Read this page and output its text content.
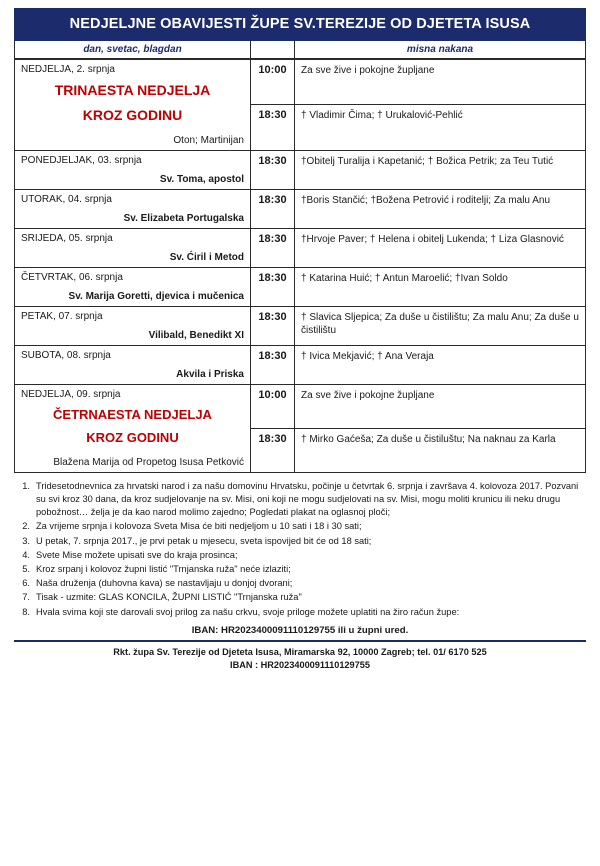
NEDJELJNE OBAVIJESTI ŽUPE SV.TEREZIJE OD DJETETA ISUSA
dan, svetac, blagdan	misna nakana
NEDJELJA, 2. srpnja
TRINAESTA NEDJELJA
KROZ GODINU
Oton; Martinijan	10:00	Za sve žive i pokojne župljane
	18:30	† Vladimir Čima; † Urukalović-Pehlić

PONEDJELJAK, 03. srpnja
Sv. Toma, apostol	18:30	†Obitelj Turalija i Kapetanić; † Božica Petrik; za Teu Tutić

UTORAK, 04. srpnja
Sv. Elizabeta Portugalska	18:30	†Boris Stančić; †Božena Petrović i roditelji; Za malu Anu

SRIJEDA, 05. srpnja
Sv. Ćiril i Metod	18:30	†Hrvoje Paver; † Helena i obitelj Lukenda; † Liza Glasnović

ČETVRTAK, 06. srpnja
Sv. Marija Goretti, djevica i mučenica	18:30	† Katarina Huić; † Antun Maroelić; †Ivan Soldo

PETAK, 07. srpnja
Vilibald, Benedikt XI	18:30	† Slavica Sljepica; Za duše u čistilištu; Za malu Anu; Za duše u čistilištu

SUBOTA, 08. srpnja
Akvila i Priska	18:30	† Ivica Mekjavić; † Ana Veraja

NEDJELJA, 09. srpnja
ČETRNAESTA NEDJELJA
KROZ GODINU
Blažena Marija od Propetog Isusa Petković	10:00	Za sve žive i pokojne župljane
	18:30	† Mirko Gaćeša; Za duše u čistiluštu; Na naknau za Karla
1. Tridesetodnevnica za hrvatski narod i za našu domovinu Hrvatsku, počinje u četvrtak 6. srpnja i završava 4. kolovoza 2017. Pozvani su svi kroz 30 dana, da kroz sudjelovanje na sv. Misi, oni koji ne mogu sudjelovati na sv. Misi, mogu moliti krunicu ili neku drugu pobožnost… želja je da kao narod molimo zajedno; Pogledati plakat na oglasnoj ploči;
2. Za vrijeme srpnja i kolovoza Sveta Misa će biti nedjeljom u 10 sati i 18 i 30 sati;
3. U petak, 7. srpnja 2017., je prvi petak u mjesecu, sveta ispovijed bit će od 18 sati;
4. Svete Mise možete upisati sve do kraja prosinca;
5. Kroz srpanj i kolovoz župni listić "Trnjanska ruža" neće izlaziti;
6. Naša druženja (duhovna kava) se nastavljaju u donjoj dvorani;
7. Tisak - uzmite: GLAS KONCILA, ŽUPNI LISTIĆ "Trnjanska ruža"
8. Hvala svima koji ste darovali svoj prilog za našu crkvu, svoje priloge možete uplatiti na žiro račun župe:
IBAN: HR2023400091110129755 ili u župni ured.
Rkt. župa Sv. Terezije od Djeteta Isusa, Miramarska 92, 10000 Zagreb; tel. 01/ 6170 525
IBAN : HR2023400091110129755
